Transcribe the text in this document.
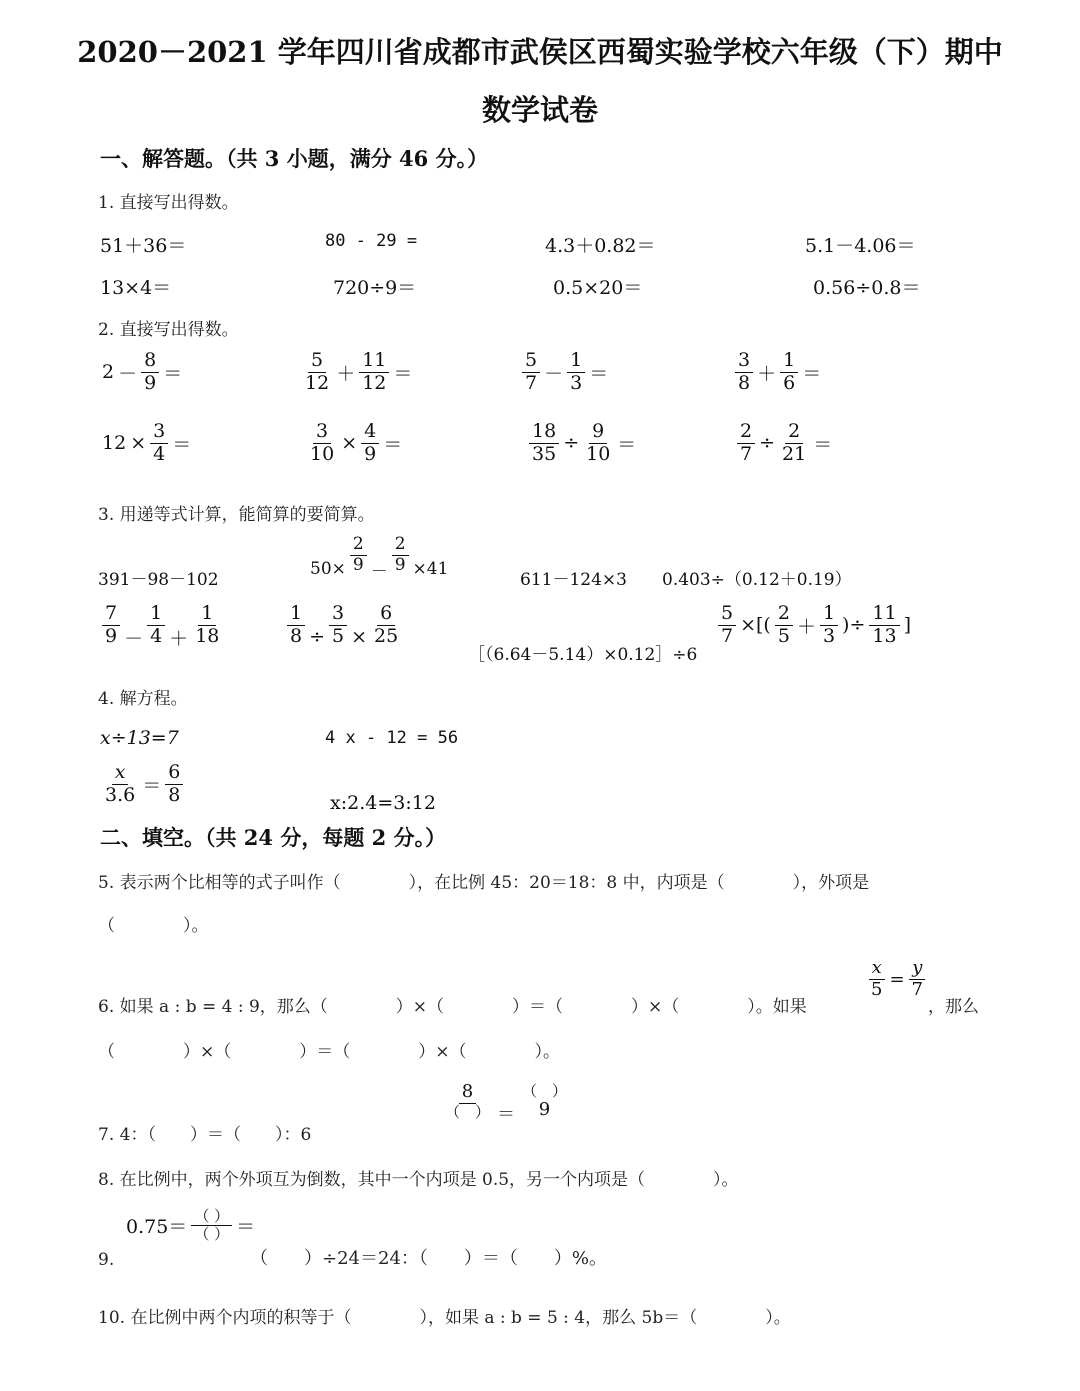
2020－2021 学年四川省成都市武侯区西蜀实验学校六年级（下）期中
数学试卷
一、解答题。（共 3 小题，满分 46 分。）
1. 直接写出得数。
51＋36＝	80 - 29 =	4.3＋0.82＝	5.1－4.06＝
13×4＝	720÷9＝	0.5×20＝	0.56÷0.8＝
2. 直接写出得数。
$2 - \frac{8}{9}$ ＝	$\frac{5}{12} + \frac{11}{12}$ ＝	$\frac{5}{7} - \frac{1}{3}$ ＝	$\frac{3}{8} + \frac{1}{6}$ ＝
$12 \times \frac{3}{4}$ ＝	$\frac{3}{10} \times \frac{4}{9}$ ＝	$\frac{18}{35} \div \frac{9}{10}$ ＝	$\frac{2}{7} \div \frac{2}{21}$ ＝
3. 用递等式计算，能简算的要简算。
391－98－102
$50\times \frac{2}{9} - \frac{2}{9} \times 41$
611－124×3 0.403÷（0.12＋0.19）
$\frac{7}{9} - \frac{1}{4} + \frac{1}{18}$	$\frac{1}{8} \div \frac{3}{5} \times \frac{6}{25}$
［（6.64－5.14）×0.12］÷6
$\frac{5}{7}$ ×[( $\frac{2}{5} + \frac{1}{3}$ )÷ $\frac{11}{13}$ ]
4. 解方程。
x÷13=7	4 x - 12 = 56
$\frac{x}{3.6} = \frac{6}{8}$	x:2.4=3:12
二、填空。（共 24 分，每题 2 分。）
5. 表示两个比相等的式子叫作（　　　　），在比例 45：20＝18：8 中，内项是（　　　　），外项是
（　　　　）。
6. 如果 a : b = 4 : 9，那么（　　　　）×（　　　　）＝（　　　　）×（　　　　）。如果
$\frac{x}{5} = \frac{y}{7}$
，那么
（　　　　）×（　　　　）＝（　　　　）×（　　　　）。
7. 4：（　　）＝（　　）：6
8
（　） ＝
（　）
9
8. 在比例中，两个外项互为倒数，其中一个内项是 0.5，另一个内项是（　　　　）。
9.
0.75＝
（ ）
（ ） ＝
（　　）÷24＝24：（　　）＝（　　）%。
10. 在比例中两个内项的积等于（　　　　），如果 a : b = 5 : 4，那么 5b＝（　　　　）。
